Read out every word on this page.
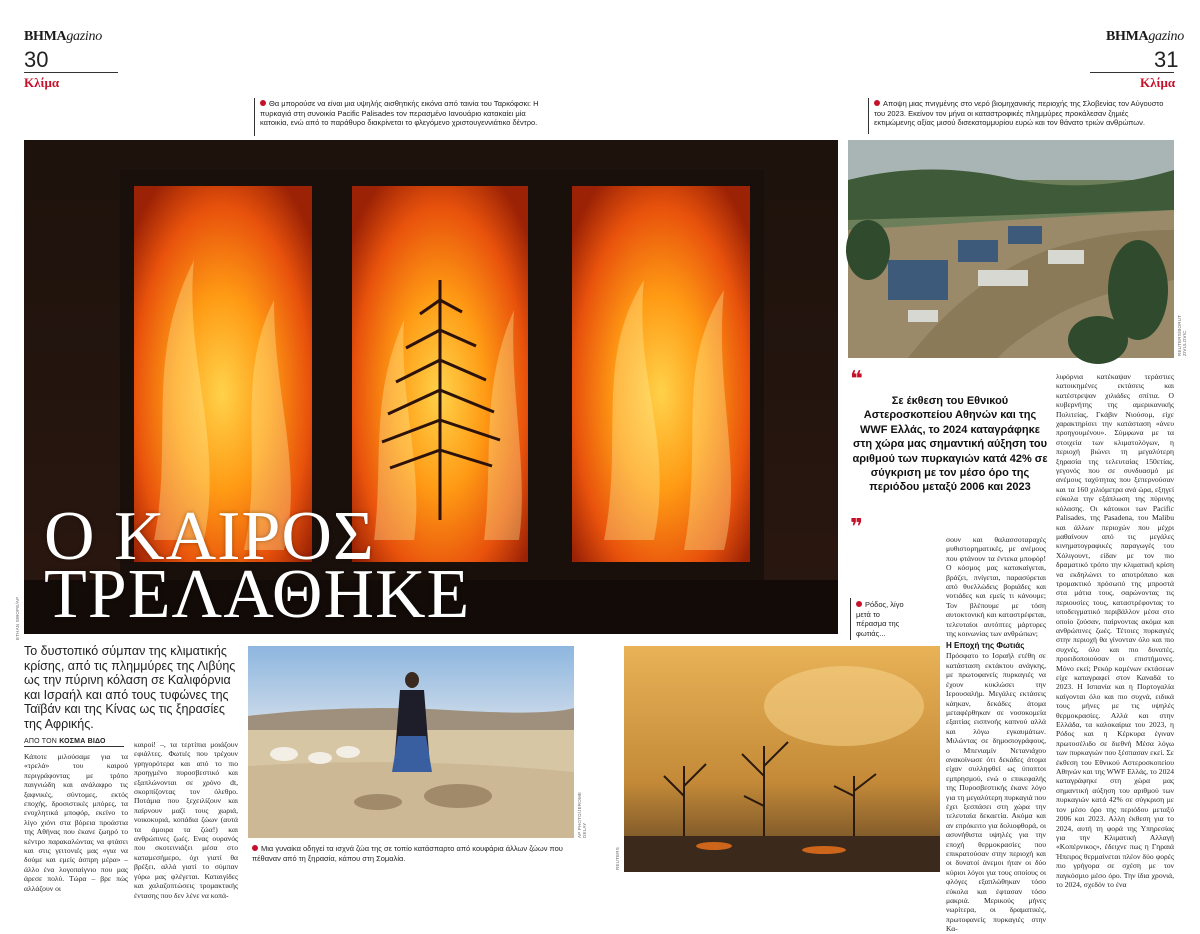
BHMAgazino
30
Κλίμα
BHMAgazino
31
Κλίμα
Θα μπορούσε να είναι μια υψηλής αισθητικής εικόνα από ταινία του Ταρκόφσκι: Η πυρκαγιά στη συνοικία Pacific Palisades τον περασμένο Ιανουάριο κατακαίει μία κατοικία, ενώ από το παράθυρο διακρίνεται το φλεγόμενο χριστουγεννιάτικο δέντρο.
Αποψη μιας πνιγμένης στο νερό βιομηχανικής περιοχής της Σλοβενίας τον Αύγουστο του 2023. Εκείνον τον μήνα οι καταστροφικές πλημμύρες προκάλεσαν ζημιές εκτιμώμενης αξίας μισού δισεκατομμυρίου ευρώ και τον θάνατο τριών ανθρώπων.
ΕΤΗΑΝ SWOPE/AP
Ο ΚΑΙΡΟΣ
ΤΡΕΛΑΘΗΚΕ
REUTERS/BORUT ZIVULOVIC
❝
Σε έκθεση του Εθνικού Αστεροσκοπείου Αθηνών και της WWF Ελλάς, το 2024 καταγράφηκε στη χώρα μας σημαντική αύξηση του αριθμού των πυρκαγιών κατά 42% σε σύγκριση με τον μέσο όρο της περιόδου μεταξύ 2006 και 2023
❞
Ρόδος, λίγο μετά το πέρασμα της φωτιάς...
Το δυστοπικό σύμπαν της κλιματικής κρίσης, από τις πλημμύρες της Λιβύης ως την πύρινη κόλαση σε Καλιφόρνια και Ισραήλ και από τους τυφώνες της Ταϊβάν και της Κίνας ως τις ξηρασίες της Αφρικής.
ΑΠΟ ΤΟΝ ΚΟΣΜΑ ΒΙΔΟ
Κάποτε μιλούσαμε για τα «τρελά» του καιρού περιγράφοντας με τρόπο παιγνιώδη και ανάλαφρο τις ξαφνικές, σύντομες, εκτός εποχής, δροσιστικές μπόρες, τα ενοχλητικά μποφόρ, εκείνο το λίγο χιόνι στα βόρεια προάστια της Αθήνας που έκανε ζωηρό το κέντρο παρακαλώντας να φτάσει και στις γειτονιές μας «για να δούμε και εμείς άσπρη μέρα» – άλλο ένα λογοπαίγνιο που μας άρεσε πολύ. Τώρα – βρε πώς αλλάζουν οι
καιροί! –, τα τερτίπια μοιάζουν εφιάλτες. Φωτιές που τρέχουν γρηγορότερα και από το πιο προηγμένο πυροσβεστικό και εξαπλώνονται σε χρόνο dt, σκορπίζοντας τον όλεθρο. Ποτάμια που ξεχειλίζουν και παίρνουν μαζί τους χωριά, νοικοκυριά, κοπάδια ζώων (αυτά τα άμοιρα τα ζώα!) και ανθρώπινες ζωές. Ενας ουρανός που σκοτεινιάζει μέσα στο καταμεσήμερο, όχι γιατί θα βρέξει, αλλά γιατί το σύμπαν γύρω μας φλέγεται. Καταιγίδες και χαλαζοπτώσεις τρομακτικής έντασης που δεν λένε να κοπά-
AP PHOTO/JEROME DELAY
Μια γυναίκα οδηγεί τα ισχνά ζώα της σε τοπίο κατάσπαρτο από κουφάρια άλλων ζώων που πέθαναν από τη ξηρασία, κάπου στη Σομαλία.	REUTERS
σουν και θαλασσοταραχές μυθιστορηματικές, με ανέμους που φτάνουν τα έντεκα μποφόρ! Ο κόσμος μας κατακαίγεται, βράζει, πνίγεται, παρασύρεται από θυελλώδεις βοριάδες και νοτιάδες και εμείς τι κάνουμε; Τον βλέπουμε με τόση αυτοκτονική και καταστρέφεται, τελευταίοι αυτόπτες μάρτυρες της κοινωνίας των ανθρώπων;
Η Εποχή της Φωτιάς
Πρόσφατο το Ισραήλ ετέθη σε κατάσταση εκτάκτου ανάγκης, με πρωτοφανείς πυρκαγιές να έχουν κυκλώσει την Ιερουσαλήμ. Μεγάλες εκτάσεις κάηκαν, δεκάδες άτομα μεταφέρθηκαν σε νοσοκομεία εξαιτίας εισπνοής καπνού αλλά και λόγω εγκαυμάτων. Μιλώντας σε δημοσιογράφους, ο Μπενιαμίν Νετανιάχου ανακοίνωσε ότι δεκάδες άτομα είχαν συλληφθεί ως ύποπτοι εμπρησμού, ενώ ο επικεφαλής της Πυροσβεστικής έκανε λόγο για τη μεγαλύτερη πυρκαγιά που έχει ξεσπάσει στη χώρα την τελευταία δεκαετία. Ακόμα και αν επρόκειτο για δολιοφθορά, οι ασυνήθιστα υψηλές για την εποχή θερμοκρασίες που επικρατούσαν στην περιοχή και οι δυνατοί άνεμοι ήταν οι δύο κύριοι λόγοι για τους οποίους οι φλόγες εξαπλώθηκαν τόσο εύκολα και έφτασαν τόσο μακριά. Μερικούς μήνες νωρίτερα, οι δραματικές, πρωτοφανείς πυρκαγιές στην Κα-
λιφόρνια κατέκαψαν τεράστιες κατοικημένες εκτάσεις και κατέστρεψαν χιλιάδες σπίτια. Ο κυβερνήτης της αμερικανικής Πολιτείας, Γκάβιν Νιούσομ, είχε χαρακτηρίσει την κατάσταση «άνευ προηγουμένου». Σύμφωνα με τα στοιχεία των κλιματολόγων, η περιοχή βιώνει τη μεγαλύτερη ξηρασία της τελευταίας 150ετίας, γεγονός που σε συνδυασμό με ανέμους ταχύτητας που ξεπερνούσαν και τα 160 χιλιόμετρα ανά ώρα, εξηγεί εύκολα την εξάπλωση της πύρινης κόλασης. Οι κάτοικοι των Pacific Palisades, της Pasadena, του Malibu και άλλων περιοχών που μέχρι μαθαίνουν από τις μεγάλες κινηματογραφικές παραγωγές του Χόλιγουντ, είδαν με τον πιο δραματικό τρόπο την κλιματική κρίση να εκδηλώνει το αποτρόπαιο και τρομακτικό πρόσωπό της μπροστά στα μάτια τους, σαρώνοντας τις περιουσίες τους, καταστρέφοντας το υποδειγματικό περιβάλλον μέσα στο οποίο ζούσαν, παίρνοντας ακόμα και ανθρώπινες ζωές. Τέτοιες πυρκαγιές στην περιοχή θα γίνονταν όλο και πιο συχνές, όλο και πιο δυνατές, προειδοποιούσαν οι επιστήμονες. Μόνο εκεί; Ρεκόρ καμένων εκτάσεων είχε καταγραφεί στον Καναδά το 2023. Η Ισπανία και η Πορτογαλία καίγονται όλο και πιο συχνά, ειδικά τους μήνες με τις υψηλές θερμοκρασίες. Αλλά και στην Ελλάδα, τα καλοκαίρια του 2023, η Ρόδος και η Κέρκυρα έγιναν πρωτοσέλιδο σε διεθνή Μέσα λόγω των πυρκαγιών που ξέσπασαν εκεί. Σε έκθεση του Εθνικού Αστεροσκοπείου Αθηνών και της WWF Ελλάς, το 2024 καταγράφηκε στη χώρα μας σημαντική αύξηση του αριθμού των πυρκαγιών κατά 42% σε σύγκριση με τον μέσο όρο της περιόδου μεταξύ 2006 και 2023. Αλλη έκθεση για το 2024, αυτή τη φορά της Υπηρεσίας για την Κλιματική Αλλαγή «Κοπέρνικος», έδειχνε πως η Γηραιά Ήπειρος θερμαίνεται πλέον δύο φορές πιο γρήγορα σε σχέση με τον παγκόσμιο μέσο όρο. Την ίδια χρονιά, το 2024, σχεδόν το ένα
